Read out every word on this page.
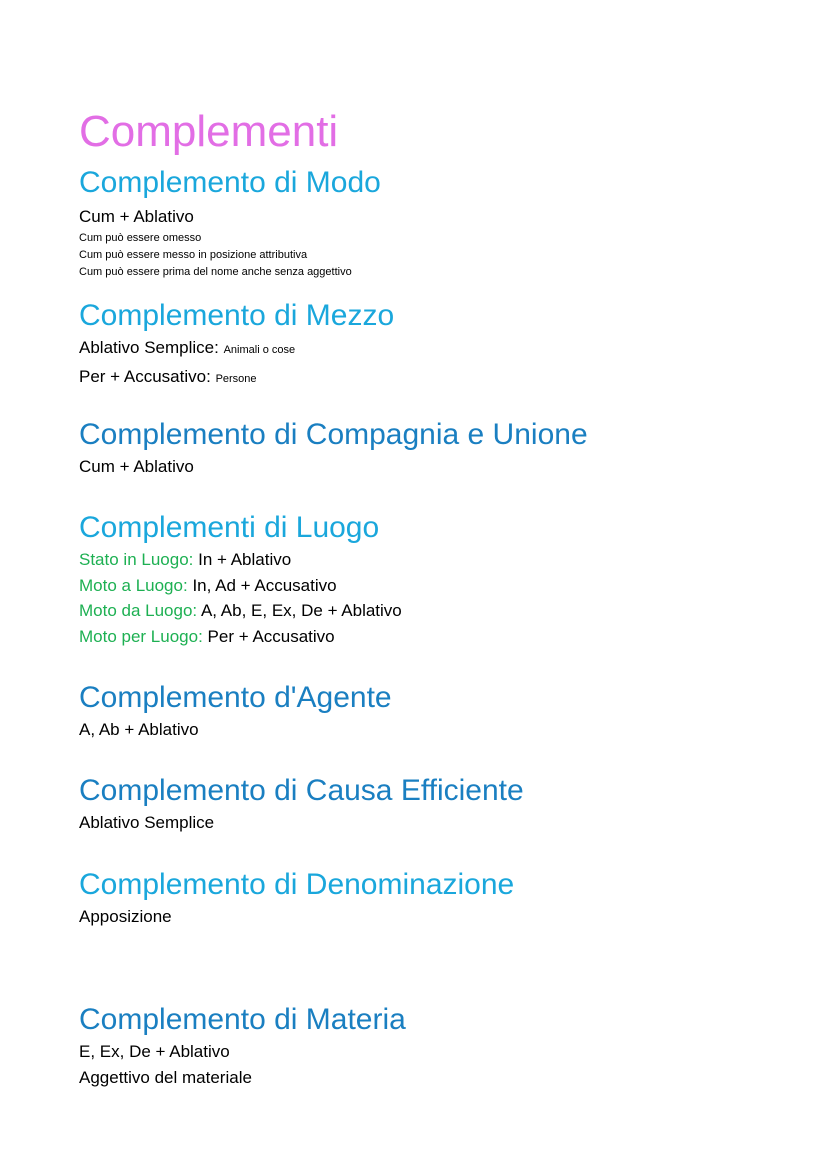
Complementi
Complemento di Modo
Cum + Ablativo
Cum può essere omesso
Cum può essere messo in posizione attributiva
Cum può essere prima del nome anche senza aggettivo
Complemento di Mezzo
Ablativo Semplice: Animali o cose
Per + Accusativo: Persone
Complemento di Compagnia e Unione
Cum + Ablativo
Complementi di Luogo
Stato in Luogo: In + Ablativo
Moto a Luogo: In, Ad + Accusativo
Moto da Luogo: A, Ab, E, Ex, De + Ablativo
Moto per Luogo: Per + Accusativo
Complemento d'Agente
A, Ab + Ablativo
Complemento di Causa Efficiente
Ablativo Semplice
Complemento di Denominazione
Apposizione
Complemento di Materia
E, Ex, De + Ablativo
Aggettivo del materiale
